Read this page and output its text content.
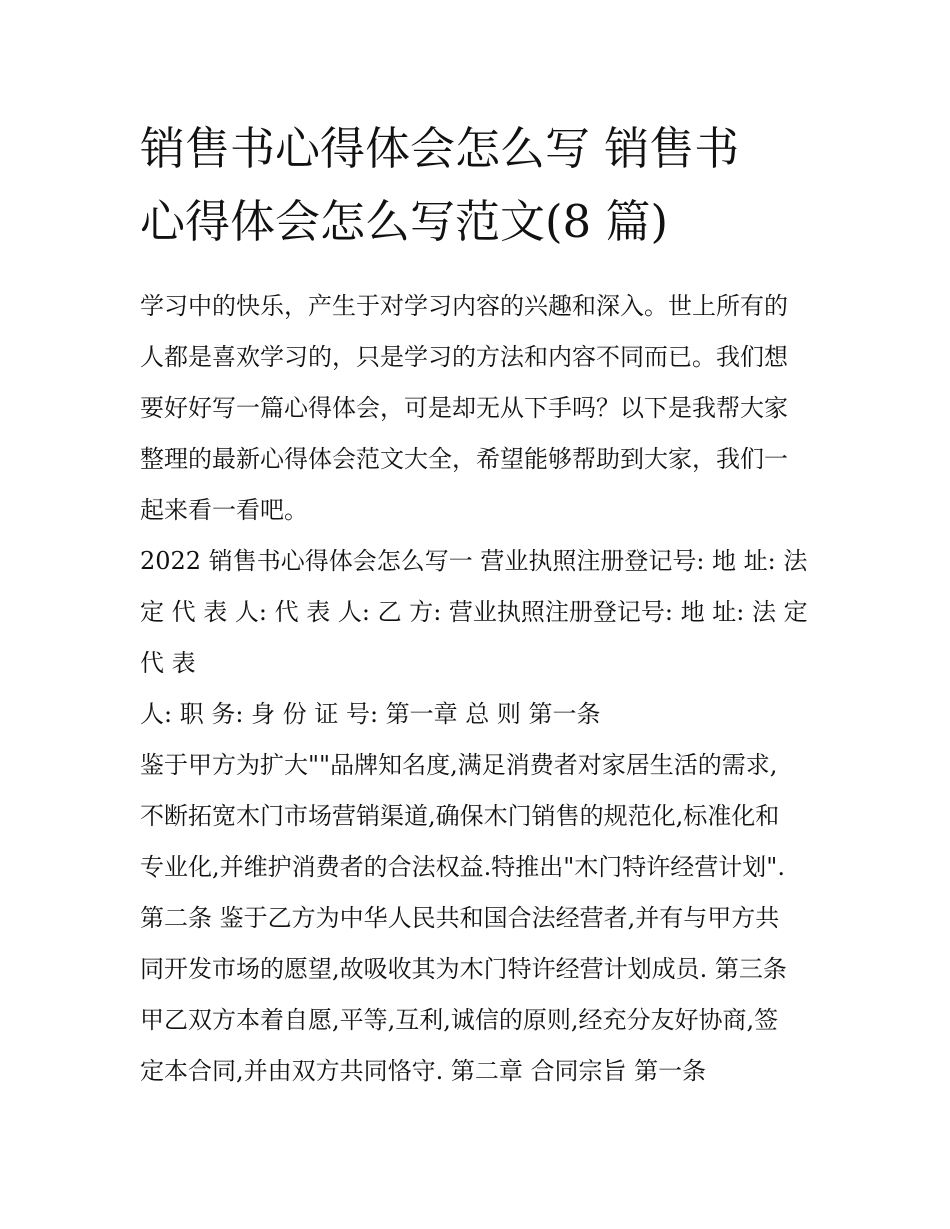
销售书心得体会怎么写 销售书
心得体会怎么写范文(8 篇)
学习中的快乐，产生于对学习内容的兴趣和深入。世上所有的
人都是喜欢学习的，只是学习的方法和内容不同而已。我们想
要好好写一篇心得体会，可是却无从下手吗？以下是我帮大家
整理的最新心得体会范文大全，希望能够帮助到大家，我们一
起来看一看吧。
2022 销售书心得体会怎么写一 营业执照注册登记号: 地 址: 法
定 代 表 人: 代 表 人: 乙 方: 营业执照注册登记号: 地 址: 法 定
代 表
人: 职 务: 身 份 证 号: 第一章 总 则 第一条
鉴于甲方为扩大""品牌知名度,满足消费者对家居生活的需求,
不断拓宽木门市场营销渠道,确保木门销售的规范化,标准化和
专业化,并维护消费者的合法权益.特推出"木门特许经营计划".
第二条 鉴于乙方为中华人民共和国合法经营者,并有与甲方共
同开发市场的愿望,故吸收其为木门特许经营计划成员. 第三条
甲乙双方本着自愿,平等,互利,诚信的原则,经充分友好协商,签
定本合同,并由双方共同恪守. 第二章 合同宗旨 第一条
